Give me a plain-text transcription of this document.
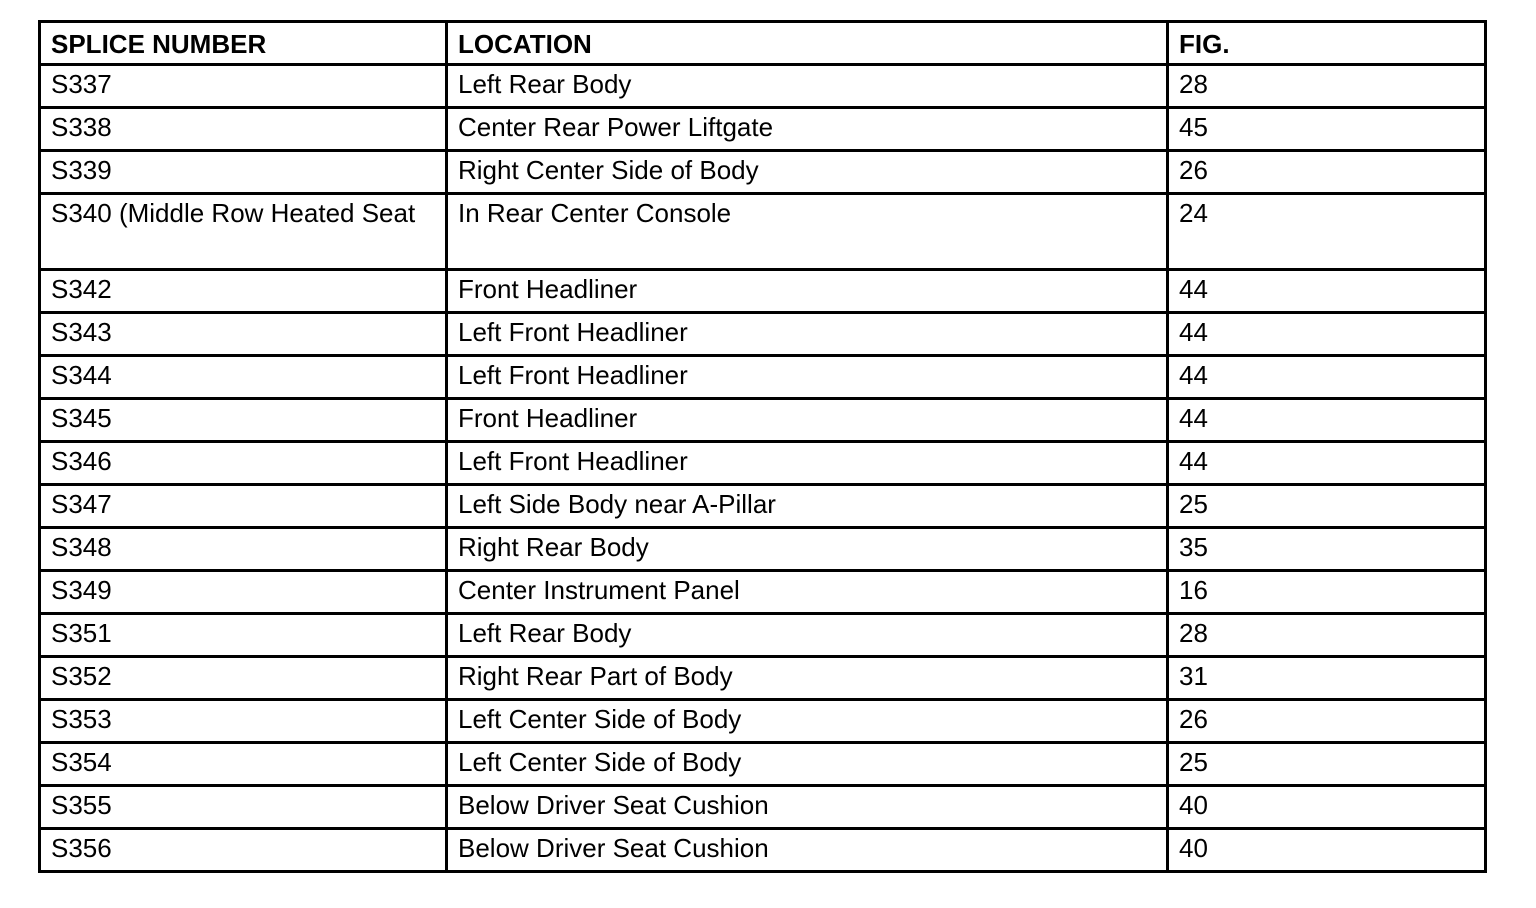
SPLICE NUMBER	LOCATION	FIG.
S337	Left Rear Body	28
S338	Center Rear Power Liftgate	45
S339	Right Center Side of Body	26
S340 (Middle Row Heated Seat	In Rear Center Console	24
S342	Front Headliner	44
S343	Left Front Headliner	44
S344	Left Front Headliner	44
S345	Front Headliner	44
S346	Left Front Headliner	44
S347	Left Side Body near A-Pillar	25
S348	Right Rear Body	35
S349	Center Instrument Panel	16
S351	Left Rear Body	28
S352	Right Rear Part of Body	31
S353	Left Center Side of Body	26
S354	Left Center Side of Body	25
S355	Below Driver Seat Cushion	40
S356	Below Driver Seat Cushion	40
